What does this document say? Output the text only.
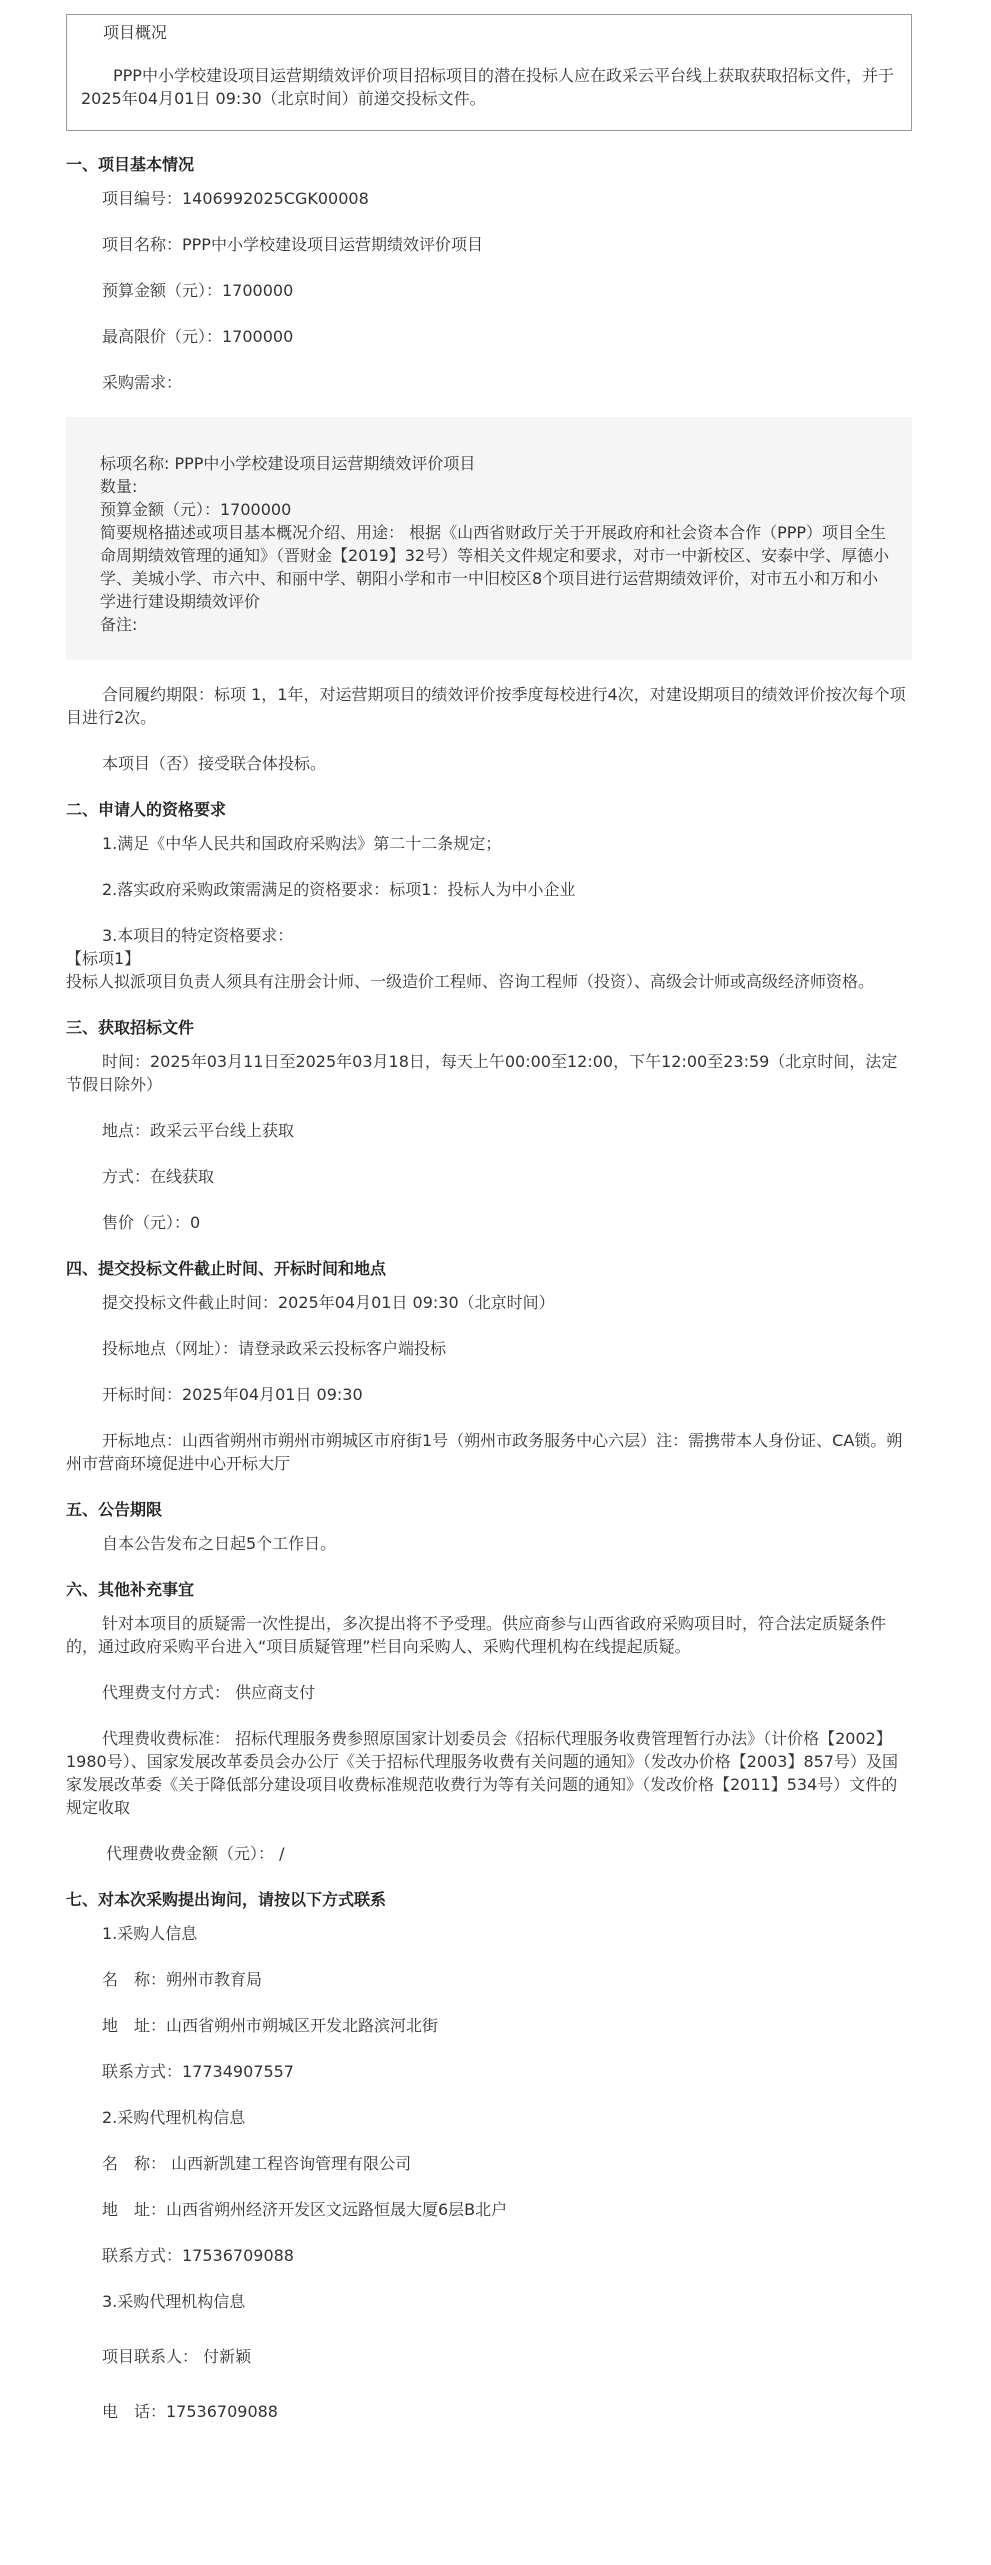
项目概况
PPP中小学校建设项目运营期绩效评价项目招标项目的潜在投标人应在政采云平台线上获取获取招标文件，并于2025年04月01日 09:30（北京时间）前递交投标文件。
一、项目基本情况
项目编号：1406992025CGK00008
项目名称：PPP中小学校建设项目运营期绩效评价项目
预算金额（元）：1700000
最高限价（元）：1700000
采购需求：
标项名称: PPP中小学校建设项目运营期绩效评价项目
数量:
预算金额（元）：1700000
简要规格描述或项目基本概况介绍、用途： 根据《山西省财政厅关于开展政府和社会资本合作（PPP）项目全生命周期绩效管理的通知》（晋财金【2019】32号）等相关文件规定和要求，对市一中新校区、安泰中学、厚德小学、美城小学、市六中、和丽中学、朝阳小学和市一中旧校区8个项目进行运营期绩效评价，对市五小和万和小学进行建设期绩效评价
备注:
合同履约期限：标项 1，1年，对运营期项目的绩效评价按季度每校进行4次，对建设期项目的绩效评价按次每个项目进行2次。
本项目（否）接受联合体投标。
二、申请人的资格要求
1.满足《中华人民共和国政府采购法》第二十二条规定；
2.落实政府采购政策需满足的资格要求：标项1：投标人为中小企业
3.本项目的特定资格要求：
【标项1】
投标人拟派项目负责人须具有注册会计师、一级造价工程师、咨询工程师（投资）、高级会计师或高级经济师资格。
三、获取招标文件
时间：2025年03月11日至2025年03月18日，每天上午00:00至12:00，下午12:00至23:59（北京时间，法定节假日除外）
地点：政采云平台线上获取
方式：在线获取
售价（元）：0
四、提交投标文件截止时间、开标时间和地点
提交投标文件截止时间：2025年04月01日 09:30（北京时间）
投标地点（网址）：请登录政采云投标客户端投标
开标时间：2025年04月01日 09:30
开标地点：山西省朔州市朔州市朔城区市府街1号（朔州市政务服务中心六层）注：需携带本人身份证、CA锁。朔州市营商环境促进中心开标大厅
五、公告期限
自本公告发布之日起5个工作日。
六、其他补充事宜
针对本项目的质疑需一次性提出，多次提出将不予受理。供应商参与山西省政府采购项目时，符合法定质疑条件的，通过政府采购平台进入“项目质疑管理”栏目向采购人、采购代理机构在线提起质疑。
代理费支付方式： 供应商支付
代理费收费标准： 招标代理服务费参照原国家计划委员会《招标代理服务收费管理暂行办法》（计价格【2002】1980号）、国家发展改革委员会办公厅《关于招标代理服务收费有关问题的通知》（发改办价格【2003】857号）及国家发展改革委《关于降低部分建设项目收费标准规范收费行为等有关问题的通知》（发改价格【2011】534号）文件的规定收取
代理费收费金额（元）： /
七、对本次采购提出询问，请按以下方式联系
1.采购人信息
名　称：朔州市教育局
地　址：山西省朔州市朔城区开发北路滨河北街
联系方式：17734907557
2.采购代理机构信息
名　称： 山西新凯建工程咨询管理有限公司
地　址：山西省朔州经济开发区文远路恒晟大厦6层B北户
联系方式：17536709088
3.采购代理机构信息
项目联系人： 付新颖
电　话：17536709088
